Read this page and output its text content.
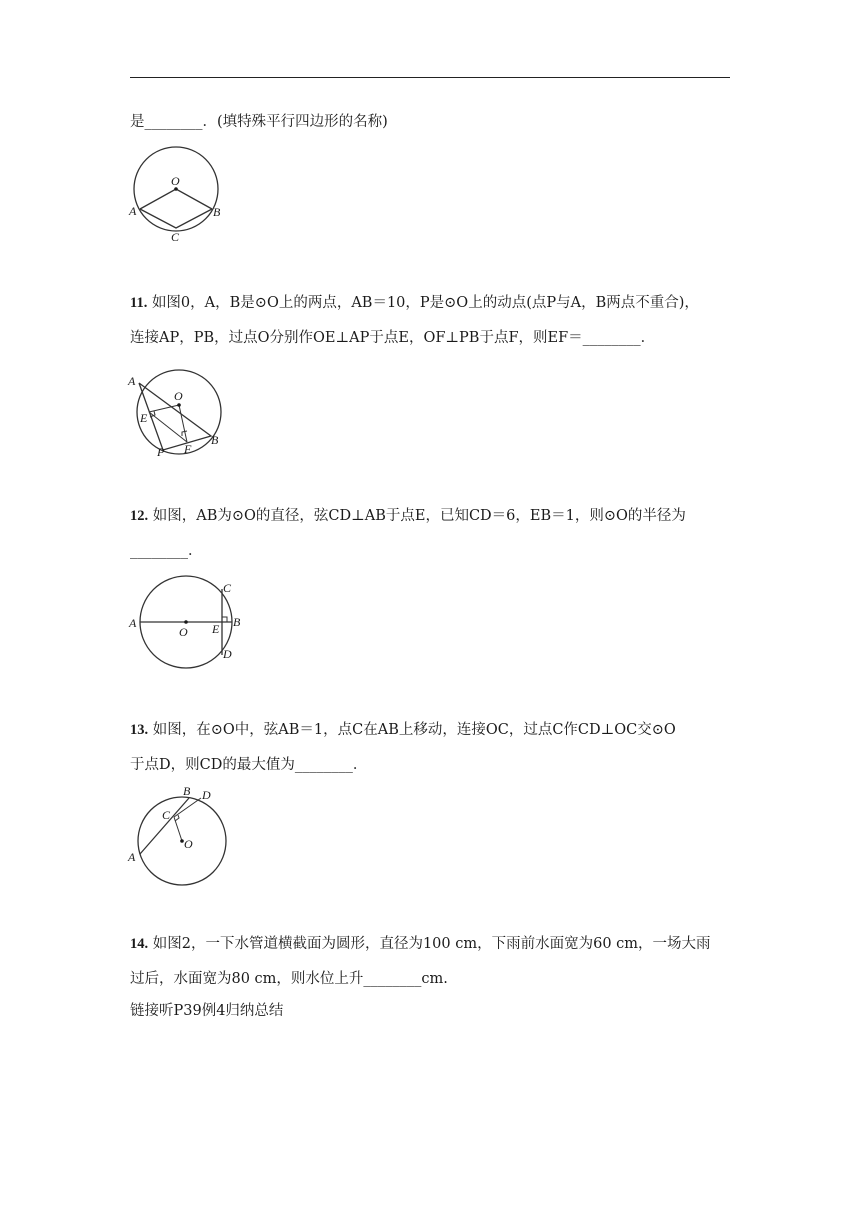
是________．(填特殊平行四边形的名称)
O
A	B
C
11. 如图0，A，B是⊙O上的两点，AB＝10，P是⊙O上的动点(点P与A，B两点不重合)，
连接AP，PB，过点O分别作OE⊥AP于点E，OF⊥PB于点F，则EF＝________．
A
O
E
B
P F
12. 如图，AB为⊙O的直径，弦CD⊥AB于点E，已知CD＝6，EB＝1，则⊙O的半径为
________．
A
O E B
C
D
13. 如图，在⊙O中，弦AB＝1，点C在AB上移动，连接OC，过点C作CD⊥OC交⊙O
于点D，则CD的最大值为________．
A
B
C
D
O
14. 如图2，一下水管道横截面为圆形，直径为100 cm，下雨前水面宽为60 cm，一场大雨
过后，水面宽为80 cm，则水位上升________cm.
链接听P39例4归纳总结
